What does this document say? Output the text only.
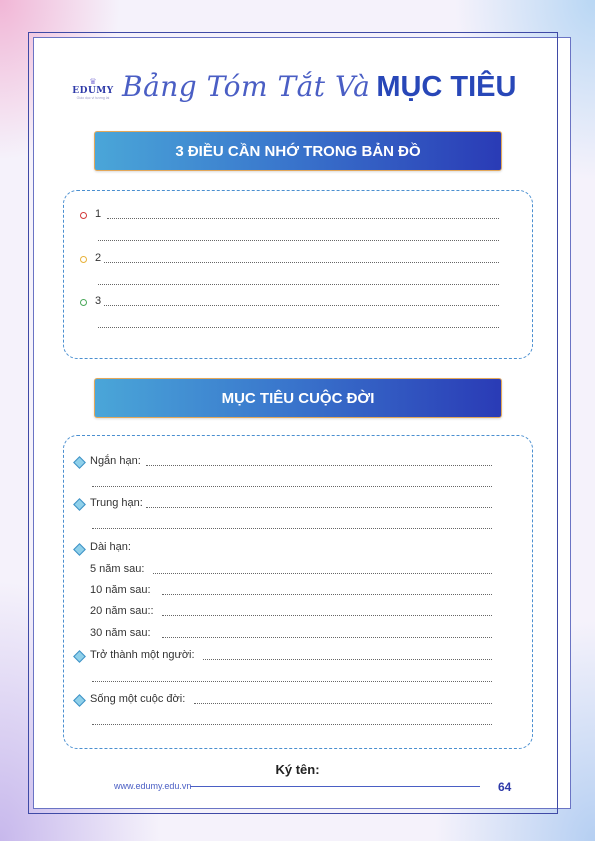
♛
EDUMY
Giáo dục vì tương lai Bảng Tóm Tắt Và MỤC TIÊU
3 ĐIỀU CẦN NHỚ TRONG BẢN ĐỒ
1
2
3
MỤC TIÊU CUỘC ĐỜI
Ngắn hạn:
Trung hạn:
Dài hạn:
5 năm sau:
10 năm sau:
20 năm sau::
30 năm sau:
Trở thành một người:
Sống một cuộc đời:
Ký tên:
www.edumy.edu.vn	64
